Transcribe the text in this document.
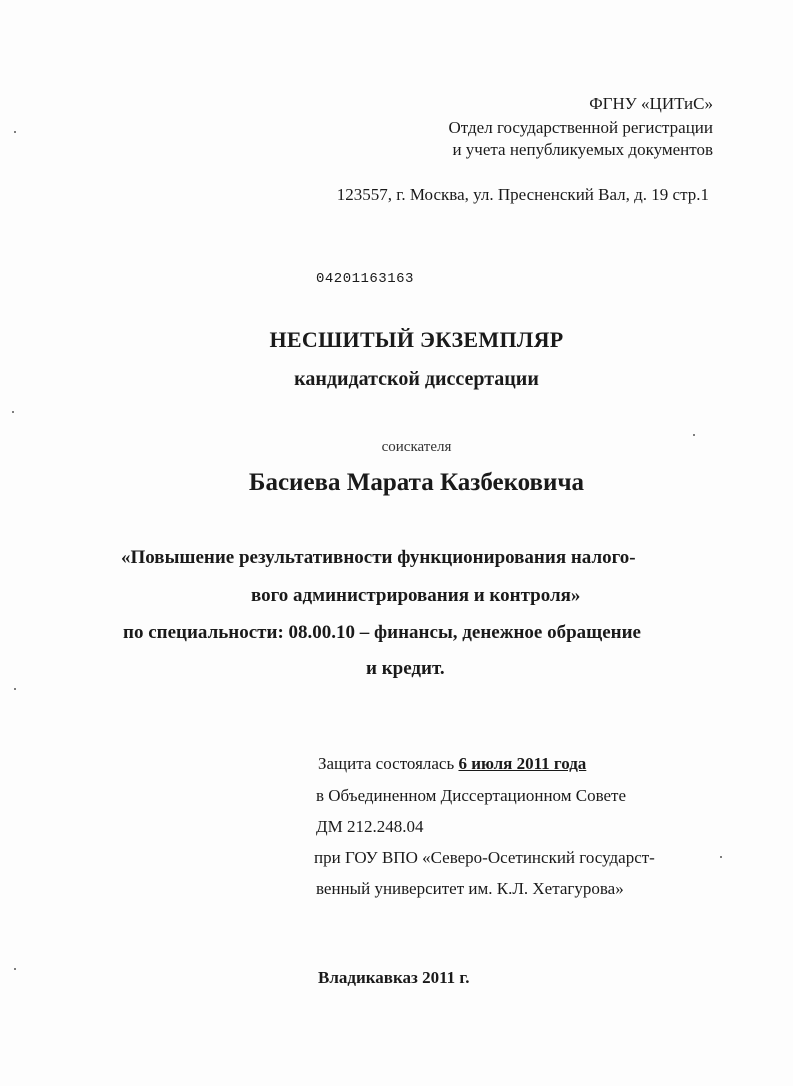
ФГНУ «ЦИТиС»
Отдел государственной регистрации
и учета непубликуемых документов
123557, г. Москва, ул. Пресненский Вал, д. 19 стр.1
04201163163
НЕСШИТЫЙ ЭКЗЕМПЛЯР
кандидатской диссертации
соискателя
Басиева Марата Казбековича
«Повышение результативности функционирования налого-
вого администрирования и контроля»
по специальности: 08.00.10 – финансы, денежное обращение
и кредит.
Защита состоялась 6 июля 2011 года
в Объединенном Диссертационном Совете
ДМ 212.248.04
при ГОУ ВПО «Северо-Осетинский государст-
венный университет им. К.Л. Хетагурова»
Владикавказ 2011 г.
